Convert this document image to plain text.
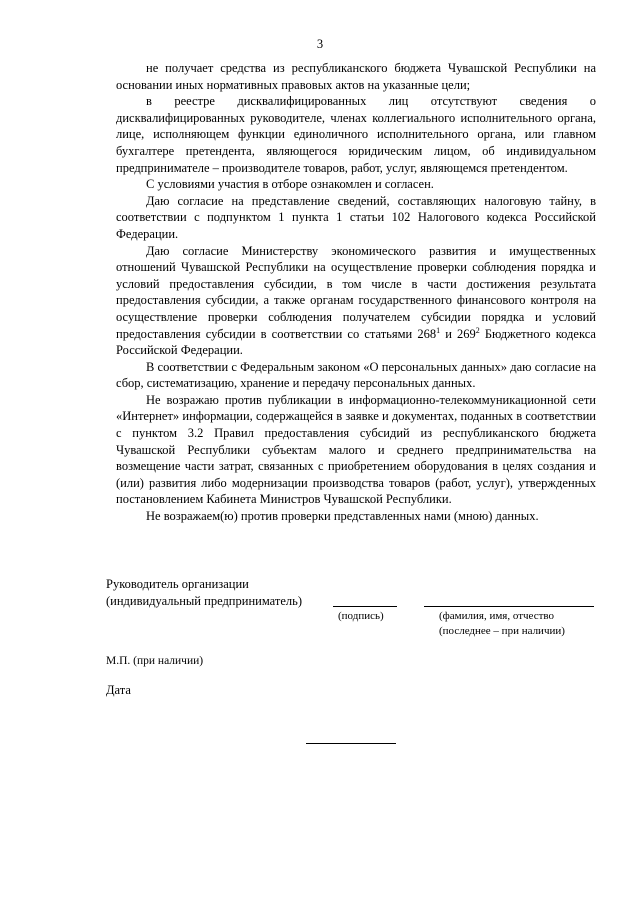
3

не получает средства из республиканского бюджета Чувашской Республики на основании иных нормативных правовых актов на указанные цели;

в реестре дисквалифицированных лиц отсутствуют сведения о дисквалифицированных руководителе, членах коллегиального исполнительного органа, лице, исполняющем функции единоличного исполнительного органа, или главном бухгалтере претендента, являющегося юридическим лицом, об индивидуальном предпринимателе – производителе товаров, работ, услуг, являющемся претендентом.

С условиями участия в отборе ознакомлен и согласен.

Даю согласие на представление сведений, составляющих налоговую тайну, в соответствии с подпунктом 1 пункта 1 статьи 102 Налогового кодекса Российской Федерации.

Даю согласие Министерству экономического развития и имущественных отношений Чувашской Республики на осуществление проверки соблюдения порядка и условий предоставления субсидии, в том числе в части достижения результата предоставления субсидии, а также органам государственного финансового контроля на осуществление проверки соблюдения получателем субсидии порядка и условий предоставления субсидии в соответствии со статьями $268^1$ и $269^2$ Бюджетного кодекса Российской Федерации.

В соответствии с Федеральным законом «О персональных данных» даю согласие на сбор, систематизацию, хранение и передачу персональных данных.

Не возражаю против публикации в информационно-телекоммуникационной сети «Интернет» информации, содержащейся в заявке и документах, поданных в соответствии с пунктом 3.2 Правил предоставления субсидий из республиканского бюджета Чувашской Республики субъектам малого и среднего предпринимательства на возмещение части затрат, связанных с приобретением оборудования в целях создания и (или) развития либо модернизации производства товаров (работ, услуг), утвержденных постановлением Кабинета Министров Чувашской Республики.

Не возражаем(ю) против проверки представленных нами (мною) данных.

Руководитель организации
(индивидуальный предприниматель)
(подпись)	(фамилия, имя, отчество
(последнее – при наличии)
М.П. (при наличии)
Дата
